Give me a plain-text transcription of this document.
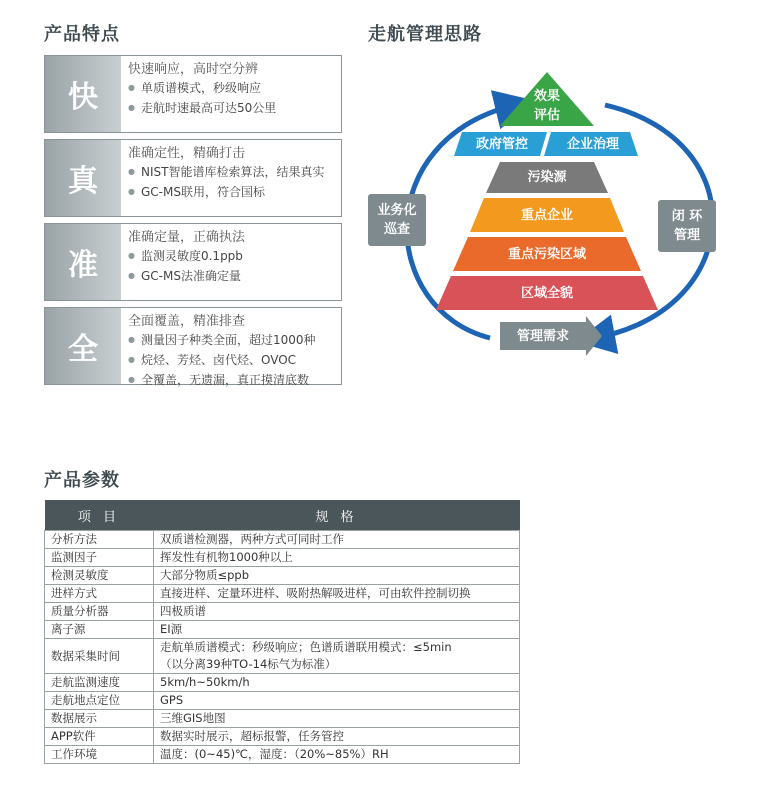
产品特点
快
快速响应，高时空分辨
● 单质谱模式，秒级响应
● 走航时速最高可达50公里
真
准确定性，精确打击
● NIST智能谱库检索算法，结果真实
● GC-MS联用，符合国标
准
准确定量，正确执法
● 监测灵敏度0.1ppb
● GC-MS法准确定量
全
全面覆盖，精准排查
● 测量因子种类全面，超过1000种
● 烷烃、芳烃、卤代烃、OVOC
● 全覆盖，无遗漏，真正摸清底数
走航管理思路
效果
评估
政府管控	企业治理
污染源
重点企业
重点污染区域
区域全貌
管理需求
业务化
巡查
闭 环
管理
产品参数
项 目	规 格
分析方法	双质谱检测器，两种方式可同时工作

监测因子	挥发性有机物1000种以上

检测灵敏度	大部分物质≤ppb

进样方式	直接进样、定量环进样、吸附热解吸进样，可由软件控制切换

质量分析器	四极质谱

离子源	EI源

数据采集时间	走航单质谱模式：秒级响应；色谱质谱联用模式：≤5min
（以分离39种TO-14标气为标准）

走航监测速度	5km/h~50km/h

走航地点定位	GPS

数据展示	三维GIS地图

APP软件	数据实时展示，超标报警，任务管控

工作环境	温度：(0~45)℃，湿度：（20%~85%）RH
